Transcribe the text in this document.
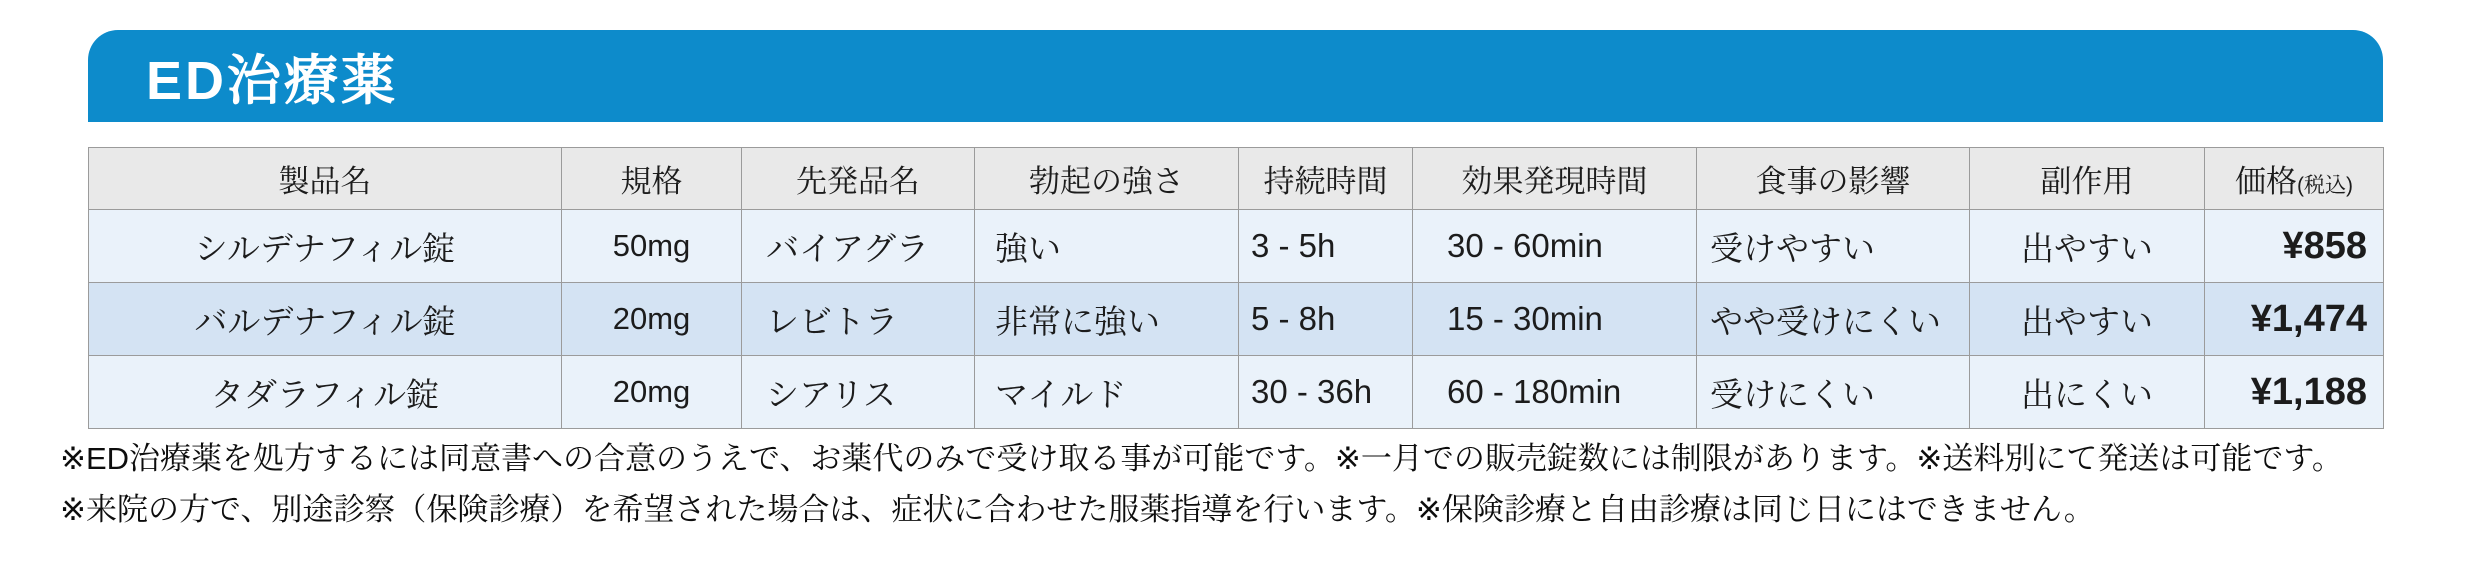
ED治療薬
製品名	規格	先発品名	勃起の強さ	持続時間	効果発現時間	食事の影響	副作用	価格(税込)
シルデナフィル錠	50mg	バイアグラ	強い	3 - 5h	30 - 60min	受けやすい	出やすい	¥858
バルデナフィル錠	20mg	レビトラ	非常に強い	5 - 8h	15 - 30min	やや受けにくい	出やすい	¥1,474
タダラフィル錠	20mg	シアリス	マイルド	30 - 36h	60 - 180min	受けにくい	出にくい	¥1,188

※ED治療薬を処方するには同意書への合意のうえで、お薬代のみで受け取る事が可能です。※一月での販売錠数には制限があります。※送料別にて発送は可能です。

※来院の方で、別途診察（保険診療）を希望された場合は、症状に合わせた服薬指導を行います。※保険診療と自由診療は同じ日にはできません。
